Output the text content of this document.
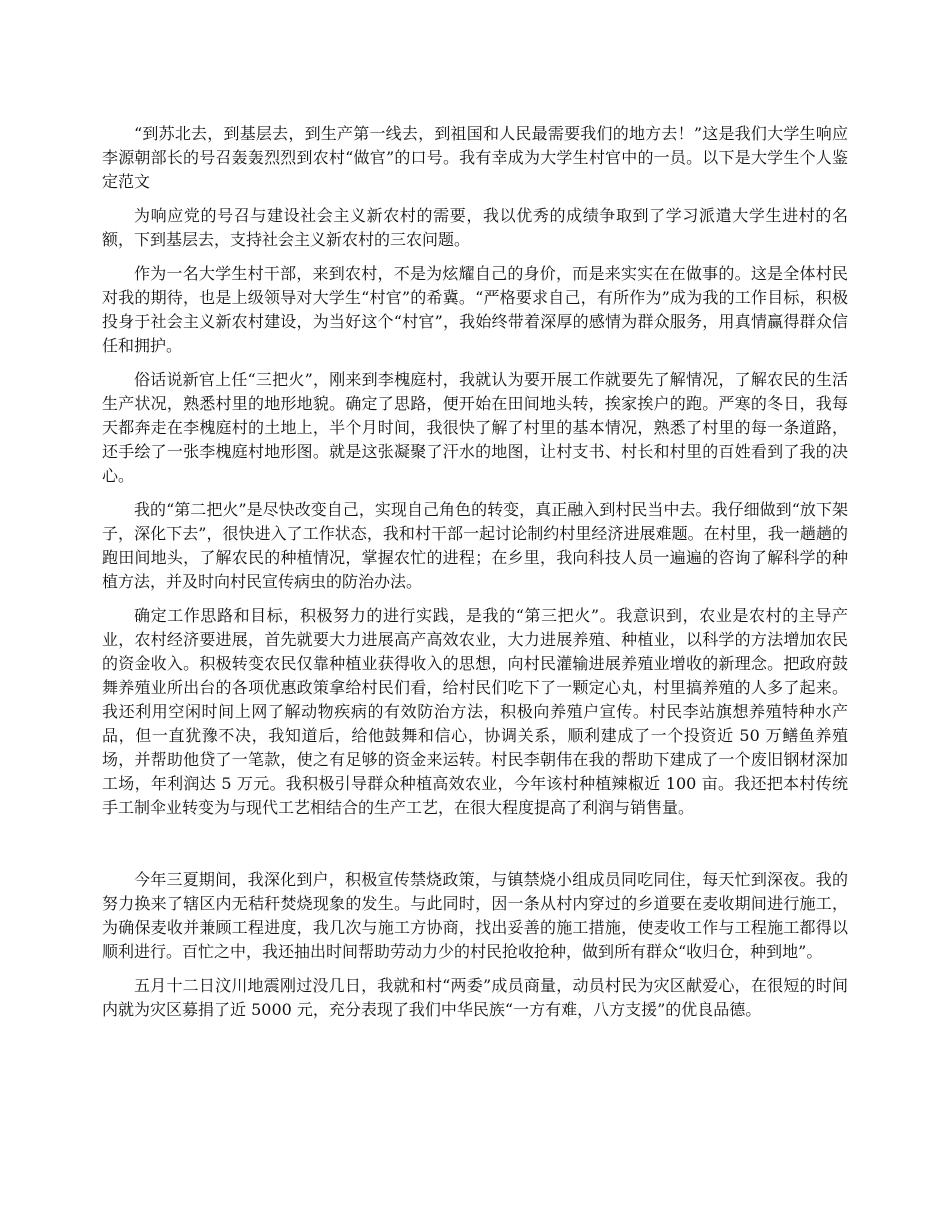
“到苏北去，到基层去，到生产第一线去，到祖国和人民最需要我们的地方去！”这是我们大学生响应李源朝部长的号召轰轰烈烈到农村“做官”的口号。我有幸成为大学生村官中的一员。以下是大学生个人鉴定范文

为响应党的号召与建设社会主义新农村的需要，我以优秀的成绩争取到了学习派遣大学生进村的名额，下到基层去，支持社会主义新农村的三农问题。

作为一名大学生村干部，来到农村，不是为炫耀自己的身价，而是来实实在在做事的。这是全体村民对我的期待，也是上级领导对大学生“村官”的希冀。“严格要求自己，有所作为”成为我的工作目标，积极投身于社会主义新农村建设，为当好这个“村官”，我始终带着深厚的感情为群众服务，用真情赢得群众信任和拥护。

俗话说新官上任“三把火”，刚来到李槐庭村，我就认为要开展工作就要先了解情况，了解农民的生活生产状况，熟悉村里的地形地貌。确定了思路，便开始在田间地头转，挨家挨户的跑。严寒的冬日，我每天都奔走在李槐庭村的土地上，半个月时间，我很快了解了村里的基本情况，熟悉了村里的每一条道路，还手绘了一张李槐庭村地形图。就是这张凝聚了汗水的地图，让村支书、村长和村里的百姓看到了我的决心。

我的“第二把火”是尽快改变自己，实现自己角色的转变，真正融入到村民当中去。我仔细做到“放下架子，深化下去”，很快进入了工作状态，我和村干部一起讨论制约村里经济进展难题。在村里，我一趟趟的跑田间地头，了解农民的种植情况，掌握农忙的进程；在乡里，我向科技人员一遍遍的咨询了解科学的种植方法，并及时向村民宣传病虫的防治办法。

确定工作思路和目标，积极努力的进行实践，是我的“第三把火”。我意识到，农业是农村的主导产业，农村经济要进展，首先就要大力进展高产高效农业，大力进展养殖、种植业，以科学的方法增加农民的资金收入。积极转变农民仅靠种植业获得收入的思想，向村民灌输进展养殖业增收的新理念。把政府鼓舞养殖业所出台的各项优惠政策拿给村民们看，给村民们吃下了一颗定心丸，村里搞养殖的人多了起来。我还利用空闲时间上网了解动物疾病的有效防治方法，积极向养殖户宣传。村民李站旗想养殖特种水产品，但一直犹豫不决，我知道后，给他鼓舞和信心，协调关系，顺利建成了一个投资近 50 万鳝鱼养殖场，并帮助他贷了一笔款，使之有足够的资金来运转。村民李朝伟在我的帮助下建成了一个废旧钢材深加工场，年利润达 5 万元。我积极引导群众种植高效农业，今年该村种植辣椒近 100 亩。我还把本村传统手工制伞业转变为与现代工艺相结合的生产工艺，在很大程度提高了利润与销售量。

今年三夏期间，我深化到户，积极宣传禁烧政策，与镇禁烧小组成员同吃同住，每天忙到深夜。我的努力换来了辖区内无秸秆焚烧现象的发生。与此同时，因一条从村内穿过的乡道要在麦收期间进行施工，为确保麦收并兼顾工程进度，我几次与施工方协商，找出妥善的施工措施，使麦收工作与工程施工都得以顺利进行。百忙之中，我还抽出时间帮助劳动力少的村民抢收抢种，做到所有群众“收归仓，种到地”。

五月十二日汶川地震刚过没几日，我就和村“两委”成员商量，动员村民为灾区献爱心，在很短的时间内就为灾区募捐了近 5000 元，充分表现了我们中华民族“一方有难，八方支援”的优良品德。
